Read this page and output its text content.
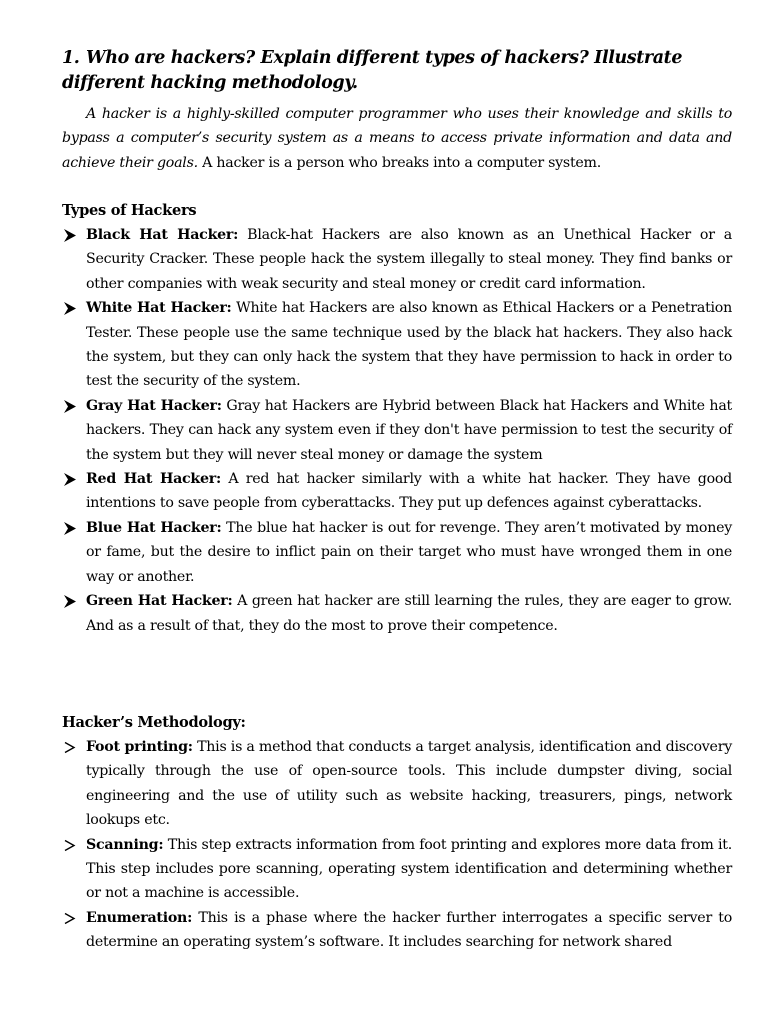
1. Who are hackers? Explain different types of hackers? Illustrate different hacking methodology.
A hacker is a highly-skilled computer programmer who uses their knowledge and skills to bypass a computer’s security system as a means to access private information and data and achieve their goals. A hacker is a person who breaks into a computer system.
Types of Hackers

Black Hat Hacker: Black-hat Hackers are also known as an Unethical Hacker or a Security Cracker. These people hack the system illegally to steal money. They find banks or other companies with weak security and steal money or credit card information.

White Hat Hacker: White hat Hackers are also known as Ethical Hackers or a Penetration Tester. These people use the same technique used by the black hat hackers. They also hack the system, but they can only hack the system that they have permission to hack in order to test the security of the system.

Gray Hat Hacker: Gray hat Hackers are Hybrid between Black hat Hackers and White hat hackers. They can hack any system even if they don't have permission to test the security of the system but they will never steal money or damage the system

Red Hat Hacker: A red hat hacker similarly with a white hat hacker. They have good intentions to save people from cyberattacks. They put up defences against cyberattacks.

Blue Hat Hacker: The blue hat hacker is out for revenge. They aren’t motivated by money or fame, but the desire to inflict pain on their target who must have wronged them in one way or another.

Green Hat Hacker: A green hat hacker are still learning the rules, they are eager to grow. And as a result of that, they do the most to prove their competence.

Hacker’s Methodology:

Foot printing: This is a method that conducts a target analysis, identification and discovery typically through the use of open-source tools. This include dumpster diving, social engineering and the use of utility such as website hacking, treasurers, pings, network lookups etc.

Scanning: This step extracts information from foot printing and explores more data from it. This step includes pore scanning, operating system identification and determining whether or not a machine is accessible.

Enumeration: This is a phase where the hacker further interrogates a specific server to determine an operating system’s software. It includes searching for network shared
